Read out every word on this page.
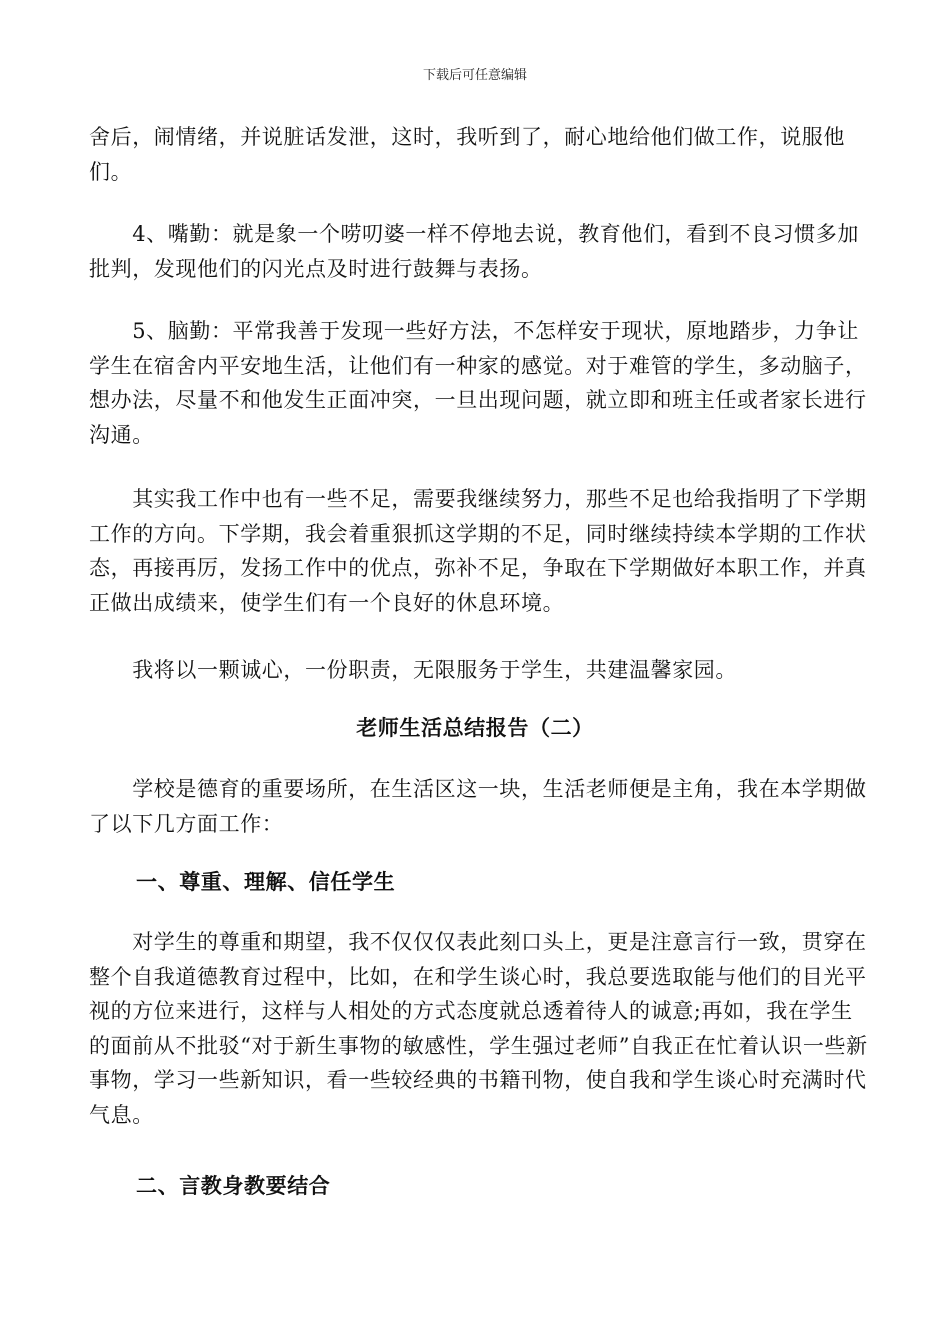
下载后可任意编辑

舍后，闹情绪，并说脏话发泄，这时，我听到了，耐心地给他们做工作，说服他们。

　　4、嘴勤：就是象一个唠叨婆一样不停地去说，教育他们，看到不良习惯多加批判，发现他们的闪光点及时进行鼓舞与表扬。

　　5、脑勤：平常我善于发现一些好方法，不怎样安于现状，原地踏步，力争让学生在宿舍内平安地生活，让他们有一种家的感觉。对于难管的学生，多动脑子，想办法，尽量不和他发生正面冲突，一旦出现问题，就立即和班主任或者家长进行沟通。

　　其实我工作中也有一些不足，需要我继续努力，那些不足也给我指明了下学期工作的方向。下学期，我会着重狠抓这学期的不足，同时继续持续本学期的工作状态，再接再厉，发扬工作中的优点，弥补不足，争取在下学期做好本职工作，并真正做出成绩来，使学生们有一个良好的休息环境。

　　我将以一颗诚心，一份职责，无限服务于学生，共建温馨家园。

老师生活总结报告（二）

　　学校是德育的重要场所，在生活区这一块，生活老师便是主角，我在本学期做了以下几方面工作：

一、尊重、理解、信任学生

　　对学生的尊重和期望，我不仅仅仅表此刻口头上，更是注意言行一致，贯穿在整个自我道德教育过程中，比如，在和学生谈心时，我总要选取能与他们的目光平视的方位来进行，这样与人相处的方式态度就总透着待人的诚意;再如，我在学生的面前从不批驳“对于新生事物的敏感性，学生强过老师”自我正在忙着认识一些新事物，学习一些新知识，看一些较经典的书籍刊物，使自我和学生谈心时充满时代气息。

二、言教身教要结合
